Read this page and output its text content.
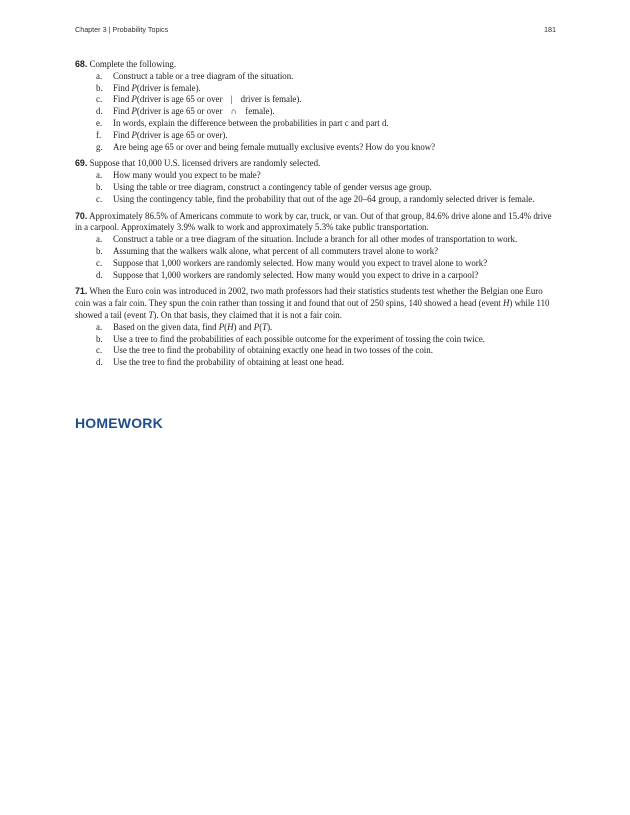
Chapter 3 | Probability Topics	181
68. Complete the following.
a. Construct a table or a tree diagram of the situation.
b. Find P(driver is female).
c. Find P(driver is age 65 or over | driver is female).
d. Find P(driver is age 65 or over ∩ female).
e. In words, explain the difference between the probabilities in part c and part d.
f. Find P(driver is age 65 or over).
g. Are being age 65 or over and being female mutually exclusive events? How do you know?
69. Suppose that 10,000 U.S. licensed drivers are randomly selected.
a. How many would you expect to be male?
b. Using the table or tree diagram, construct a contingency table of gender versus age group.
c. Using the contingency table, find the probability that out of the age 20–64 group, a randomly selected driver is female.
70. Approximately 86.5% of Americans commute to work by car, truck, or van. Out of that group, 84.6% drive alone and 15.4% drive in a carpool. Approximately 3.9% walk to work and approximately 5.3% take public transportation.
a. Construct a table or a tree diagram of the situation. Include a branch for all other modes of transportation to work.
b. Assuming that the walkers walk alone, what percent of all commuters travel alone to work?
c. Suppose that 1,000 workers are randomly selected. How many would you expect to travel alone to work?
d. Suppose that 1,000 workers are randomly selected. How many would you expect to drive in a carpool?
71. When the Euro coin was introduced in 2002, two math professors had their statistics students test whether the Belgian one Euro coin was a fair coin. They spun the coin rather than tossing it and found that out of 250 spins, 140 showed a head (event H) while 110 showed a tail (event T). On that basis, they claimed that it is not a fair coin.
a. Based on the given data, find P(H) and P(T).
b. Use a tree to find the probabilities of each possible outcome for the experiment of tossing the coin twice.
c. Use the tree to find the probability of obtaining exactly one head in two tosses of the coin.
d. Use the tree to find the probability of obtaining at least one head.
HOMEWORK
